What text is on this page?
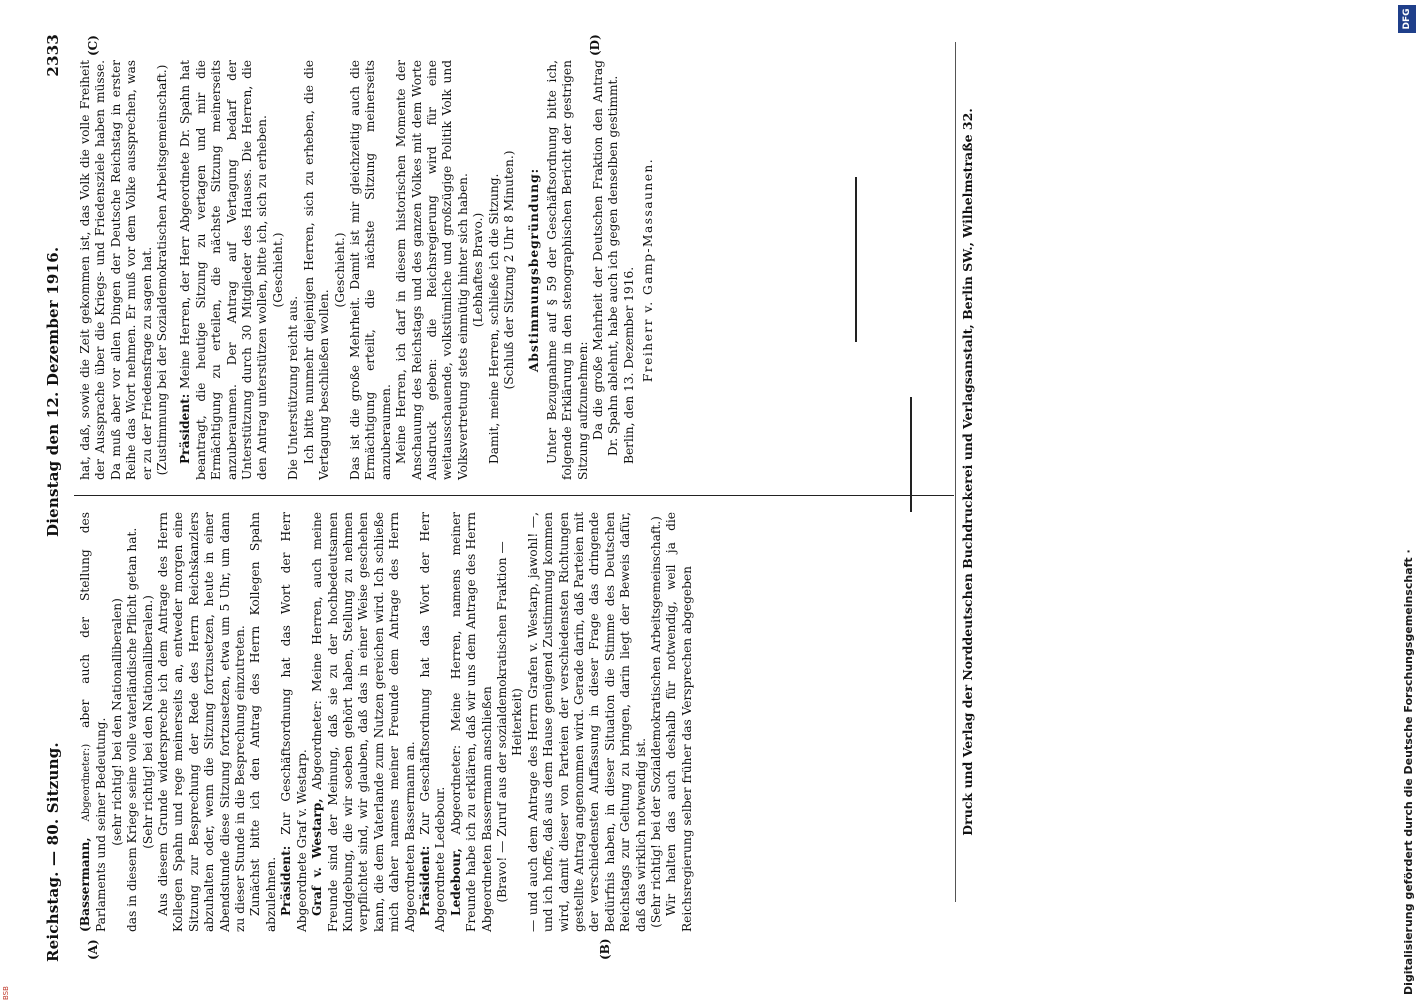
Reichstag. — 80. Sitzung.
Dienstag den 12. Dezember 1916.
2333
(A)	(B)
(C)	(D)

(Bassermann, Abgeordneter:) aber auch der Stellung des Parlaments und seiner Bedeutung. (sehr richtig! bei den Nationalliberalen) das in diesem Kriege seine volle vaterländische Pflicht getan hat. (Sehr richtig! bei den Nationalliberalen.) Aus diesem Grunde widerspreche ich dem Antrage des Herrn Kollegen Spahn und rege meinerseits an, entweder morgen eine Sitzung zur Besprechung der Rede des Herrn Reichskanzlers abzuhalten oder, wenn die Sitzung fortzusetzen, heute in einer Abendstunde diese Sitzung fortzusetzen, etwa um 5 Uhr, um dann zu dieser Stunde in die Besprechung einzutreten. Zunächst bitte ich den Antrag des Herrn Kollegen Spahn abzulehnen. Präsident: Zur Geschäftsordnung hat das Wort der Herr Abgeordnete Graf v. Westarp. Graf v. Westarp, Abgeordneter: Meine Herren, auch meine Freunde sind der Meinung, daß sie zu der hochbedeutsamen Kundgebung, die wir soeben gehört haben, Stellung zu nehmen verpflichtet sind, wir glauben, daß das in einer Weise geschehen kann, die dem Vaterlande zum Nutzen gereichen wird. Ich schließe mich daher namens meiner Freunde dem Antrage des Herrn Abgeordneten Bassermann an. Präsident: Zur Geschäftsordnung hat das Wort der Herr Abgeordnete Ledebour. Ledebour, Abgeordneter: Meine Herren, namens meiner Freunde habe ich zu erklären, daß wir uns dem Antrage des Herrn Abgeordneten Bassermann anschließen (Bravo! — Zuruf aus der sozialdemokratischen Fraktion — Heiterkeit) — und auch dem Antrage des Herrn Grafen v. Westarp, jawohl! —, und ich hoffe, daß aus dem Hause genügend Zustimmung kommen wird, damit dieser von Parteien der verschiedensten Richtungen gestellte Antrag angenommen wird. Gerade darin, daß Parteien mit der verschiedensten Auffassung in dieser Frage das dringende Bedürfnis haben, in dieser Situation die Stimme des Deutschen Reichstags zur Geltung zu bringen, darin liegt der Beweis dafür, daß das wirklich notwendig ist. (Sehr richtig! bei der Sozialdemokratischen Arbeitsgemeinschaft.) Wir halten das auch deshalb für notwendig, weil ja die Reichsregierung selber früher das Versprechen abgegeben

hat, daß, sowie die Zeit gekommen ist, das Volk die volle Freiheit der Aussprache über die Kriegs- und Friedensziele haben müsse. Da muß aber vor allen Dingen der Deutsche Reichstag in erster Reihe das Wort nehmen. Er muß vor dem Volke aussprechen, was er zu der Friedensfrage zu sagen hat. (Zustimmung bei der Sozialdemokratischen Arbeitsgemeinschaft.) Präsident: Meine Herren, der Herr Abgeordnete Dr. Spahn hat beantragt, die heutige Sitzung zu vertagen und mir die Ermächtigung zu erteilen, die nächste Sitzung meinerseits anzuberaumen. Der Antrag auf Vertagung bedarf der Unterstützung durch 30 Mitglieder des Hauses. Die Herren, die den Antrag unterstützen wollen, bitte ich, sich zu erheben. (Geschieht.)

Die Unterstützung reicht aus. Ich bitte nunmehr diejenigen Herren, sich zu erheben, die die Vertagung beschließen wollen.

(Geschieht.) Das ist die große Mehrheit. Damit ist mir gleichzeitig auch die Ermächtigung erteilt, die nächste Sitzung meinerseits anzuberaumen. Meine Herren, ich darf in diesem historischen Momente der Anschauung des Reichstags und des ganzen Volkes mit dem Worte Ausdruck geben: die Reichsregierung wird für eine weitausschauende, volkstümliche und großzügige Politik Volk und Volksvertretung stets einmütig hinter sich haben. (Lebhaftes Bravo.) Damit, meine Herren, schließe ich die Sitzung. (Schluß der Sitzung 2 Uhr 8 Minuten.) Abstimmungsbegründung: Unter Bezugnahme auf § 59 der Geschäftsordnung bitte ich, folgende Erklärung in den stenographischen Bericht der gestrigen Sitzung aufzunehmen: Da die große Mehrheit der Deutschen Fraktion den Antrag Dr. Spahn ablehnt, habe auch ich gegen denselben gestimmt. Berlin, den 13. Dezember 1916. Freiherr v. Gamp-Massaunen.	Druck und Verlag der Norddeutschen Buchdruckerei und Verlagsanstalt, Berlin SW., Wilhelmstraße 32.	Digitalisierung gefördert durch die Deutsche Forschungsgemeinschaft ·
DFG
BSB
